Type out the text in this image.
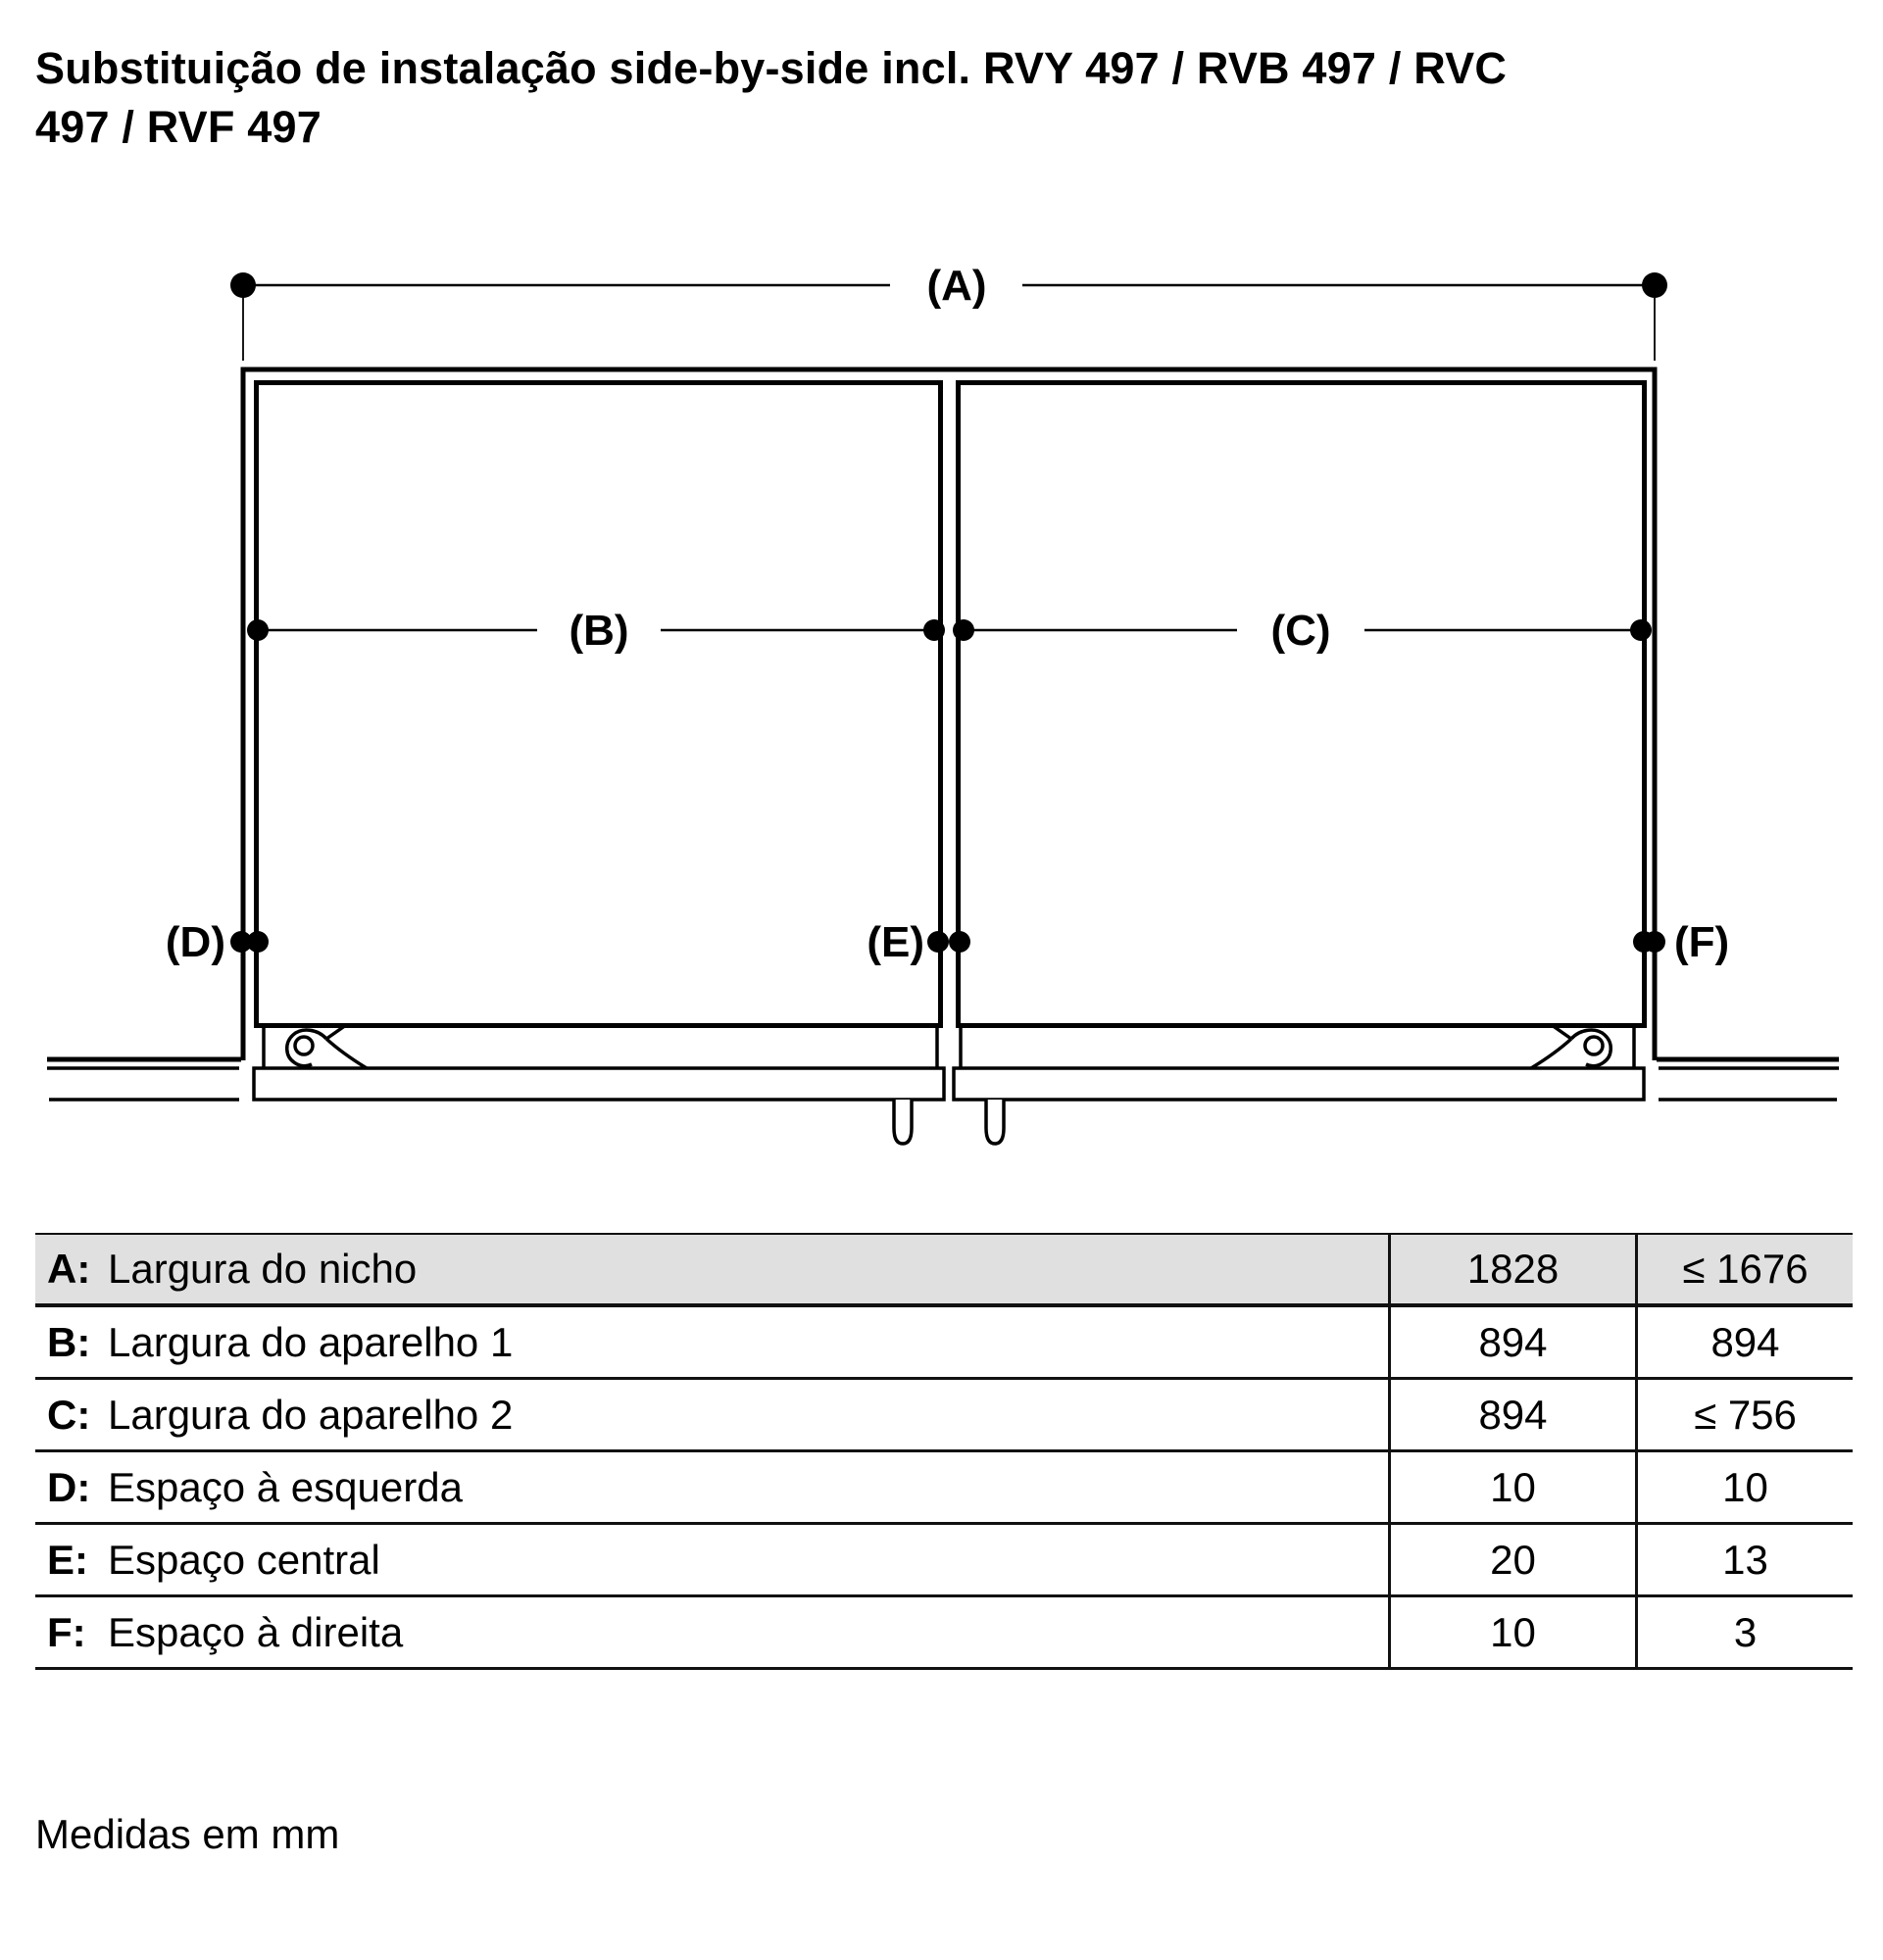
Substituição de instalação side-by-side incl. RVY 497 / RVB 497 / RVC 497 / RVF 497
(A)
(B)	(C)
(D)	(E)	(F)
A: Largura do nicho	1828	≤ 1676
B: Largura do aparelho 1	894	894
C: Largura do aparelho 2	894	≤ 756
D: Espaço à esquerda	10	10
E: Espaço central	20	13
F: Espaço à direita	10	3
Medidas em mm
